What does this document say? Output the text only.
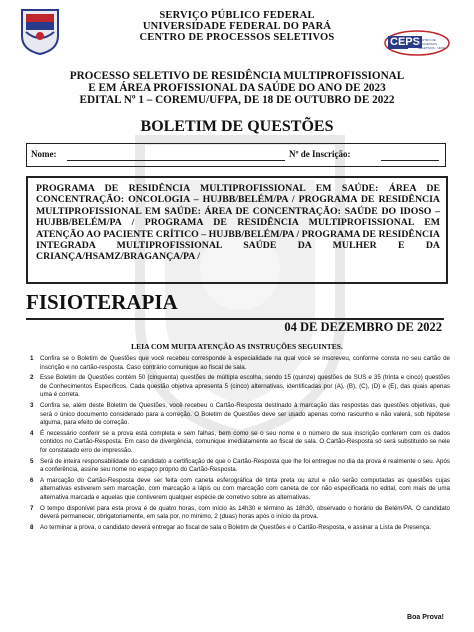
SERVIÇO PÚBLICO FEDERAL
UNIVERSIDADE FEDERAL DO PARÁ
CENTRO DE PROCESSOS SELETIVOS	CEPS
CENTRO DE PROCESSOS SELETIVOS · UFPA
PROCESSO SELETIVO DE RESIDÊNCIA MULTIPROFISSIONAL
E EM ÁREA PROFISSIONAL DA SAÚDE DO ANO DE 2023
EDITAL Nº 1 – COREMU/UFPA, DE 18 DE OUTUBRO DE 2022
BOLETIM DE QUESTÕES
Nome:	Nº de Inscrição:
PROGRAMA DE RESIDÊNCIA MULTIPROFISSIONAL EM SAÚDE: ÁREA DE CONCENTRAÇÃO: ONCOLOGIA – HUJBB/BELÉM/PA / PROGRAMA DE RESIDÊNCIA MULTIPROFISSIONAL EM SAÚDE: ÁREA DE CONCENTRAÇÃO: SAÚDE DO IDOSO – HUJBB/BELÉM/PA / PROGRAMA DE RESIDÊNCIA MULTIPROFISSIONAL EM ATENÇÃO AO PACIENTE CRÍTICO – HUJBB/BELÉM/PA / PROGRAMA DE RESIDÊNCIA INTEGRADA MULTIPROFISSIONAL SAÚDE DA MULHER E DA CRIANÇA/HSAMZ/BRAGANÇA/PA /
FISIOTERAPIA
04 DE DEZEMBRO DE 2022
LEIA COM MUITA ATENÇÃO AS INSTRUÇÕES SEGUINTES.
1 Confira se o Boletim de Questões que você recebeu corresponde à especialidade na qual você se inscreveu, conforme consta no seu cartão de inscrição e no cartão-resposta. Caso contrário comunique ao fiscal de sala.
2 Esse Boletim de Questões contém 50 (cinquenta) questões de múltipla escolha, sendo 15 (quinze) questões de SUS e 35 (trinta e cinco) questões de Conhecimentos Específicos. Cada questão objetiva apresenta 5 (cinco) alternativas, identificadas por (A), (B), (C), (D) e (E), das quais apenas uma é correta.
3 Confira se, além deste Boletim de Questões, você recebeu o Cartão-Resposta destinado à marcação das respostas das questões objetivas, que será o único documento considerado para a correção. O Boletim de Questões deve ser usado apenas como rascunho e não valerá, sob hipótese alguma, para efeito de correção.
4 É necessário conferir se a prova está completa e sem falhas, bem como se o seu nome e o número de sua inscrição conferem com os dados contidos no Cartão-Resposta. Em caso de divergência, comunique imediatamente ao fiscal de sala. O Cartão-Resposta só será substituído se nele for constatado erro de impressão.
5 Será de inteira responsabilidade do candidato a certificação de que o Cartão-Resposta que lhe foi entregue no dia da prova é realmente o seu. Após a conferência, assine seu nome no espaço próprio do Cartão-Resposta.
6 A marcação do Cartão-Resposta deve ser feita com caneta esferográfica de tinta preta ou azul e não serão computadas as questões cujas alternativas estiverem sem marcação, com marcação a lápis ou com marcação com caneta de cor não especificada no edital, com mais de uma alternativa marcada e aquelas que contiverem qualquer espécie de corretivo sobre as alternativas.
7 O tempo disponível para esta prova é de quatro horas, com início às 14h30 e término às 18h30, observado o horário de Belém/PA. O candidato deverá permanecer, obrigatoriamente, em sala por, no mínimo, 2 (duas) horas após o início da prova.
8 Ao terminar a prova, o candidato deverá entregar ao fiscal de sala o Boletim de Questões e o Cartão-Resposta, e assinar a Lista de Presença.
Boa Prova!
